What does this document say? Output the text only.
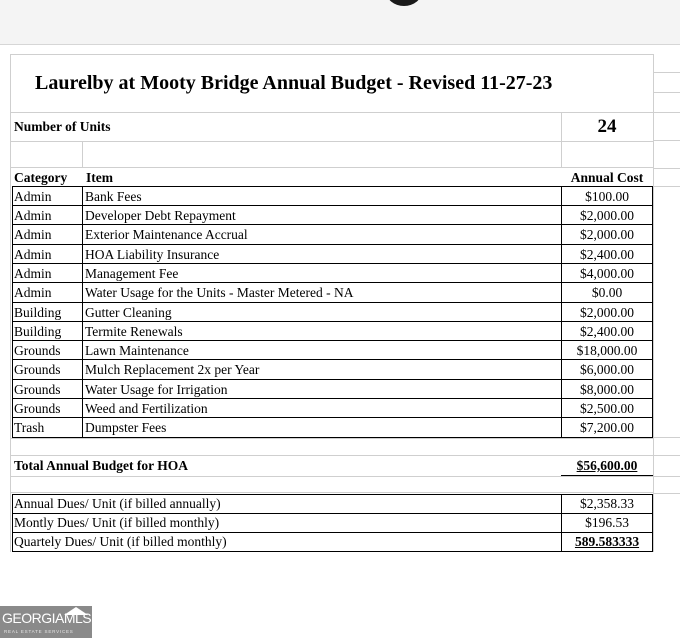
Laurelby at Mooty Bridge Annual Budget - Revised 11-27-23
Number of Units	24
Category Item	Annual Cost
Admin Bank Fees	$100.00
Admin Developer Debt Repayment	$2,000.00
Admin Exterior Maintenance Accrual	$2,000.00
Admin HOA Liability Insurance	$2,400.00
Admin Management Fee	$4,000.00
Admin Water Usage for the Units - Master Metered - NA	$0.00
Building Gutter Cleaning	$2,000.00
Building Termite Renewals	$2,400.00
Grounds Lawn Maintenance	$18,000.00
Grounds Mulch Replacement 2x per Year	$6,000.00
Grounds Water Usage for Irrigation	$8,000.00
Grounds Weed and Fertilization	$2,500.00
Trash	Dumpster Fees	$7,200.00
Total Annual Budget for HOA	$56,600.00
Annual Dues/ Unit (if billed annually)	$2,358.33
Montly Dues/ Unit (if billed monthly)	$196.53
Quartely Dues/ Unit (if billed monthly)	589.583333
GEORGIAMLS
REAL ESTATE SERVICES
